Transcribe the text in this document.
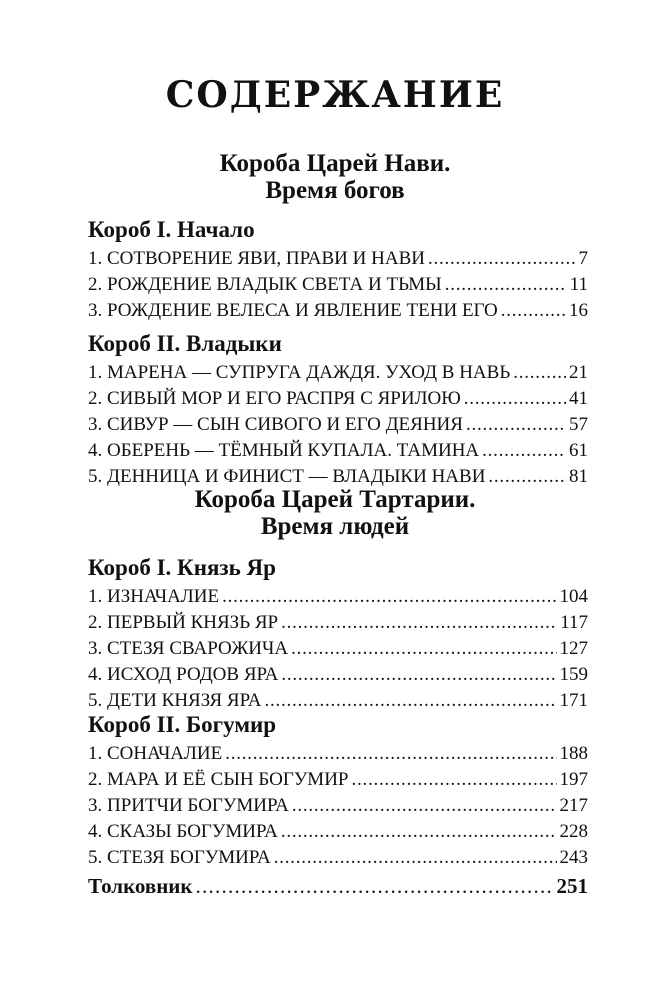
СОДЕРЖАНИЕ
Короба Царей Нави.
Время богов
Короб I. Начало
1. СОТВОРЕНИЕ ЯВИ, ПРАВИ И НАВИ . . .	7
2. РОЖДЕНИЕ ВЛАДЫК СВЕТА И ТЬМЫ . . .	11
3. РОЖДЕНИЕ ВЕЛЕСА И ЯВЛЕНИЕ ТЕНИ ЕГО . . .	16
Короб II. Владыки
1. МАРЕНА — СУПРУГА ДАЖДЯ. УХОД В НАВЬ . . .	21
2. СИВЫЙ МОР И ЕГО РАСПРЯ С ЯРИЛОЮ . . .	41
3. СИВУР — СЫН СИВОГО И ЕГО ДЕЯНИЯ . . .	57
4. ОБЕРЕНЬ — ТЁМНЫЙ КУПАЛА. ТАМИНА . . .	61
5. ДЕННИЦА И ФИНИСТ — ВЛАДЫКИ НАВИ . . .	81
Короба Царей Тартарии.
Время людей
Короб I. Князь Яр
1. ИЗНАЧАЛИЕ . . .	104
2. ПЕРВЫЙ КНЯЗЬ ЯР . . .	117
3. СТЕЗЯ СВАРОЖИЧА . . .	127
4. ИСХОД РОДОВ ЯРА . . .	159
5. ДЕТИ КНЯЗЯ ЯРА . . .	171
Короб II. Богумир
1. СОНАЧАЛИЕ . . .	188
2. МАРА И ЕЁ СЫН БОГУМИР . . .	197
3. ПРИТЧИ БОГУМИРА . . .	217
4. СКАЗЫ БОГУМИРА . . .	228
5. СТЕЗЯ БОГУМИРА . . .	243
Толковник . . .	251
